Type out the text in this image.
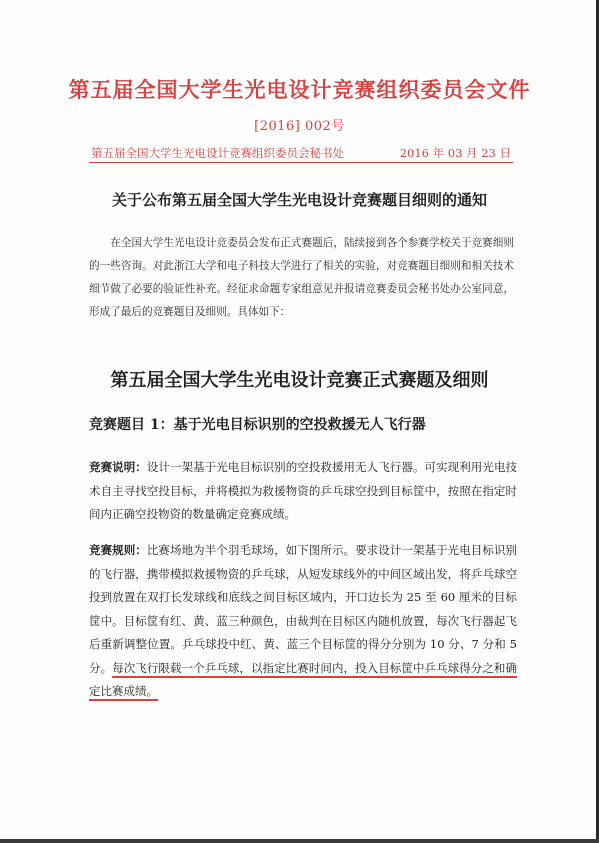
第五届全国大学生光电设计竞赛组织委员会文件
[2016] 002号
第五届全国大学生光电设计竞赛组织委员会秘书处	2016 年 03 月 23 日
关于公布第五届全国大学生光电设计竞赛题目细则的通知

在全国大学生光电设计竞委员会发布正式赛题后，陆续接到各个参赛学校关于竞赛细则的一些咨询。对此浙江大学和电子科技大学进行了相关的实验，对竞赛题目细则和相关技术细节做了必要的验证性补充。经征求命题专家组意见并报请竞赛委员会秘书处办公室同意，形成了最后的竞赛题目及细则。具体如下：

第五届全国大学生光电设计竞赛正式赛题及细则
竞赛题目 1：基于光电目标识别的空投救援无人飞行器

竞赛说明：设计一架基于光电目标识别的空投救援用无人飞行器。可实现利用光电技术自主寻找空投目标，并将模拟为救援物资的乒乓球空投到目标筐中，按照在指定时间内正确空投物资的数量确定竞赛成绩。

竞赛规则：比赛场地为半个羽毛球场，如下图所示。要求设计一架基于光电目标识别的飞行器，携带模拟救援物资的乒乓球，从短发球线外的中间区域出发，将乒乓球空投到放置在双打长发球线和底线之间目标区域内，开口边长为 25 至 60 厘米的目标筐中。目标筐有红、黄、蓝三种颜色，由裁判在目标区内随机放置，每次飞行器起飞后重新调整位置。乒乓球投中红、黄、蓝三个目标筐的得分分别为 10 分、7 分和 5 分。每次飞行限载一个乒乓球，以指定比赛时间内，投入目标筐中乒乓球得分之和确定比赛成绩。
